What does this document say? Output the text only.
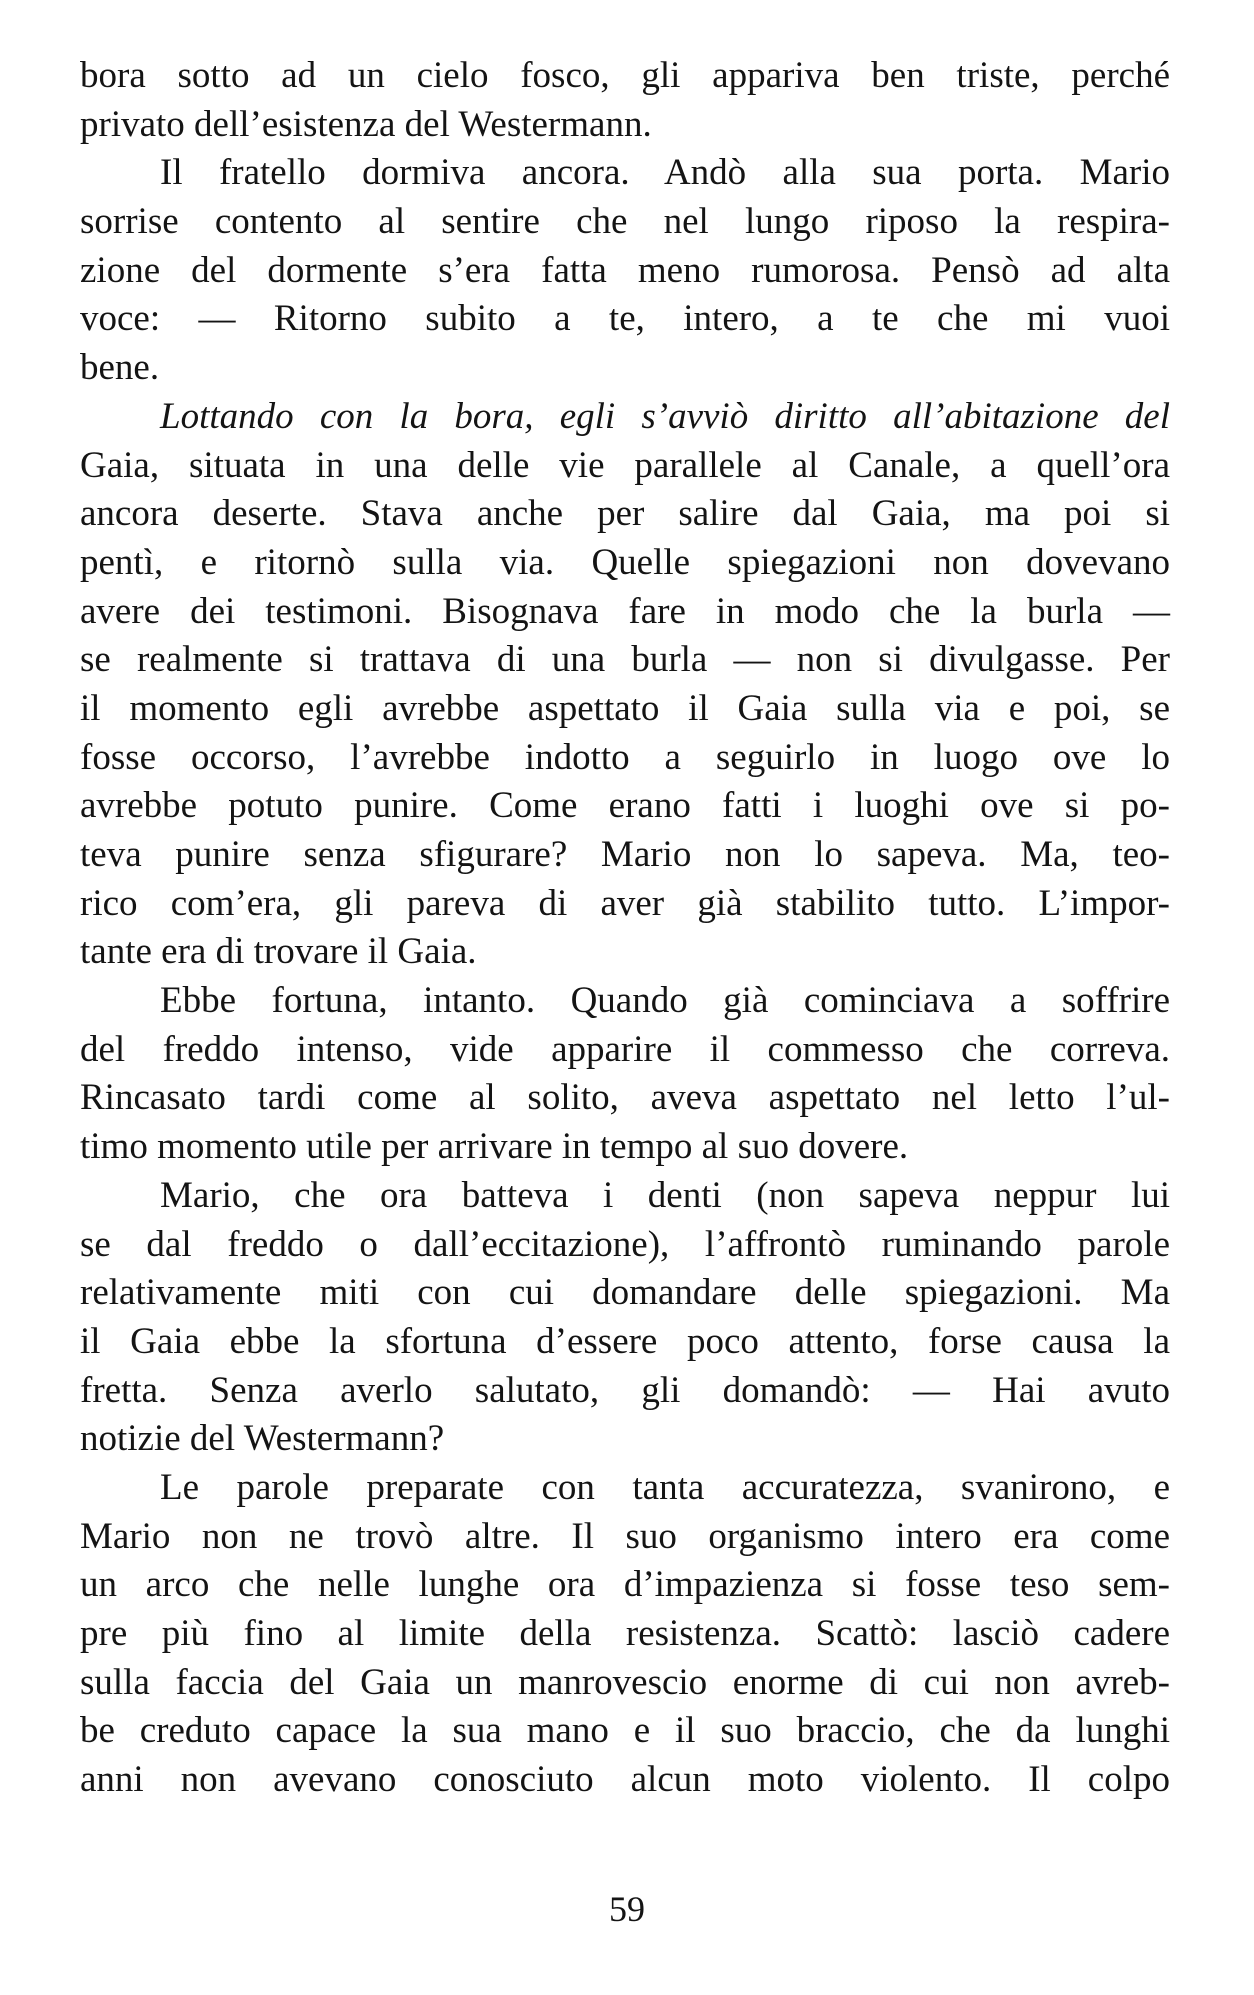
bora sotto ad un cielo fosco, gli appariva ben triste, perché
privato dell’esistenza del Westermann.
Il fratello dormiva ancora. Andò alla sua porta. Mario
sorrise contento al sentire che nel lungo riposo la respira-
zione del dormente s’era fatta meno rumorosa. Pensò ad alta
voce: — Ritorno subito a te, intero, a te che mi vuoi
bene.
Lottando con la bora, egli s’avviò diritto all’abitazione del
Gaia, situata in una delle vie parallele al Canale, a quell’ora
ancora deserte. Stava anche per salire dal Gaia, ma poi si
pentì, e ritornò sulla via. Quelle spiegazioni non dovevano
avere dei testimoni. Bisognava fare in modo che la burla —
se realmente si trattava di una burla — non si divulgasse. Per
il momento egli avrebbe aspettato il Gaia sulla via e poi, se
fosse occorso, l’avrebbe indotto a seguirlo in luogo ove lo
avrebbe potuto punire. Come erano fatti i luoghi ove si po-
teva punire senza sfigurare? Mario non lo sapeva. Ma, teo-
rico com’era, gli pareva di aver già stabilito tutto. L’impor-
tante era di trovare il Gaia.
Ebbe fortuna, intanto. Quando già cominciava a soffrire
del freddo intenso, vide apparire il commesso che correva.
Rincasato tardi come al solito, aveva aspettato nel letto l’ul-
timo momento utile per arrivare in tempo al suo dovere.
Mario, che ora batteva i denti (non sapeva neppur lui
se dal freddo o dall’eccitazione), l’affrontò ruminando parole
relativamente miti con cui domandare delle spiegazioni. Ma
il Gaia ebbe la sfortuna d’essere poco attento, forse causa la
fretta. Senza averlo salutato, gli domandò: — Hai avuto
notizie del Westermann?
Le parole preparate con tanta accuratezza, svanirono, e
Mario non ne trovò altre. Il suo organismo intero era come
un arco che nelle lunghe ora d’impazienza si fosse teso sem-
pre più fino al limite della resistenza. Scattò: lasciò cadere
sulla faccia del Gaia un manrovescio enorme di cui non avreb-
be creduto capace la sua mano e il suo braccio, che da lunghi
anni non avevano conosciuto alcun moto violento. Il colpo
59
